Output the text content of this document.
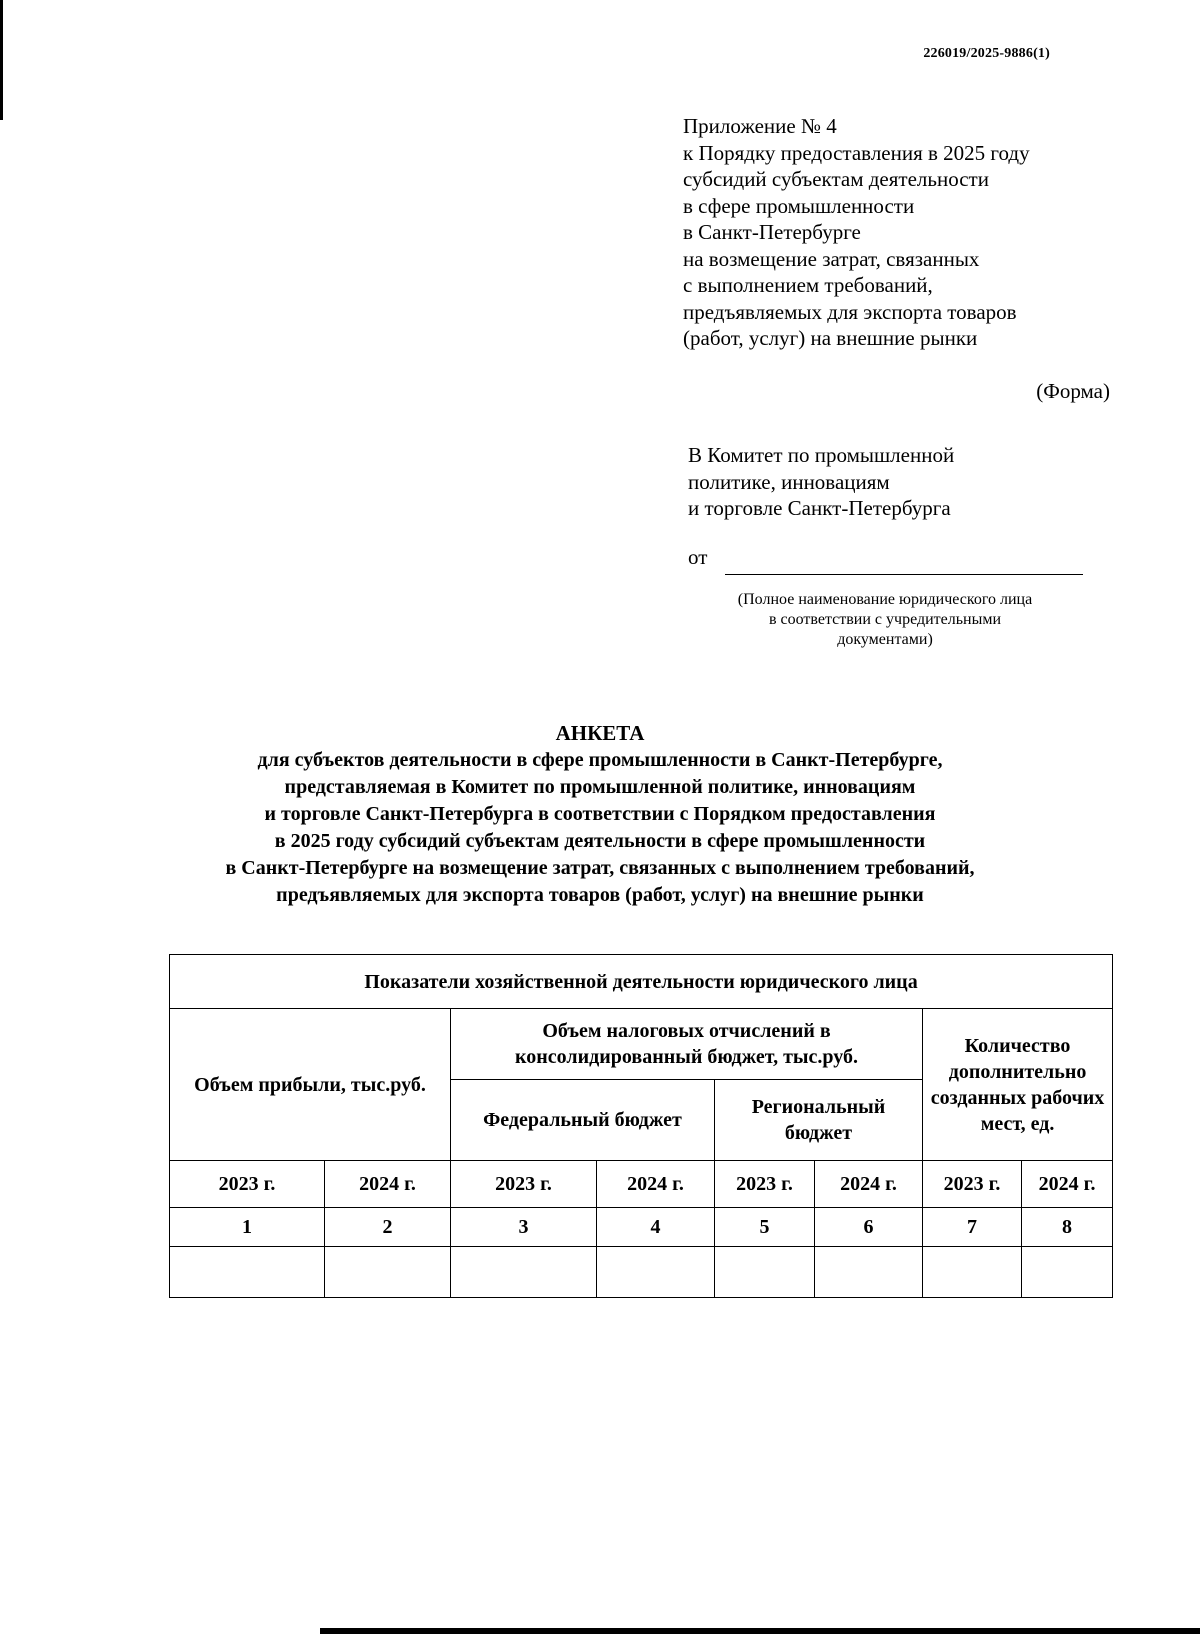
226019/2025-9886(1)
Приложение № 4
к Порядку предоставления в 2025 году
субсидий субъектам деятельности
в сфере промышленности
в Санкт-Петербурге
на возмещение затрат, связанных
с выполнением требований,
предъявляемых для экспорта товаров
(работ, услуг) на внешние рынки
(Форма)
В Комитет по промышленной
политике, инновациям
и торговле Санкт-Петербурга
от
(Полное наименование юридического лица
в соответствии с учредительными
документами)
АНКЕТА
для субъектов деятельности в сфере промышленности в Санкт-Петербурге,
представляемая в Комитет по промышленной политике, инновациям
и торговле Санкт-Петербурга в соответствии с Порядком предоставления
в 2025 году субсидий субъектам деятельности в сфере промышленности
в Санкт-Петербурге на возмещение затрат, связанных с выполнением требований,
предъявляемых для экспорта товаров (работ, услуг) на внешние рынки
Показатели хозяйственной деятельности юридического лица							
Объем прибыли, тыс.руб.		Объем налоговых отчислений в консолидированный бюджет, тыс.руб.				Количество дополнительно созданных рабочих мест, ед.	
		Федеральный бюджет		Региональный бюджет			
2023 г.	2024 г.	2023 г.	2024 г.	2023 г.	2024 г.	2023 г.	2024 г.
1	2	3	4	5	6	7	8
